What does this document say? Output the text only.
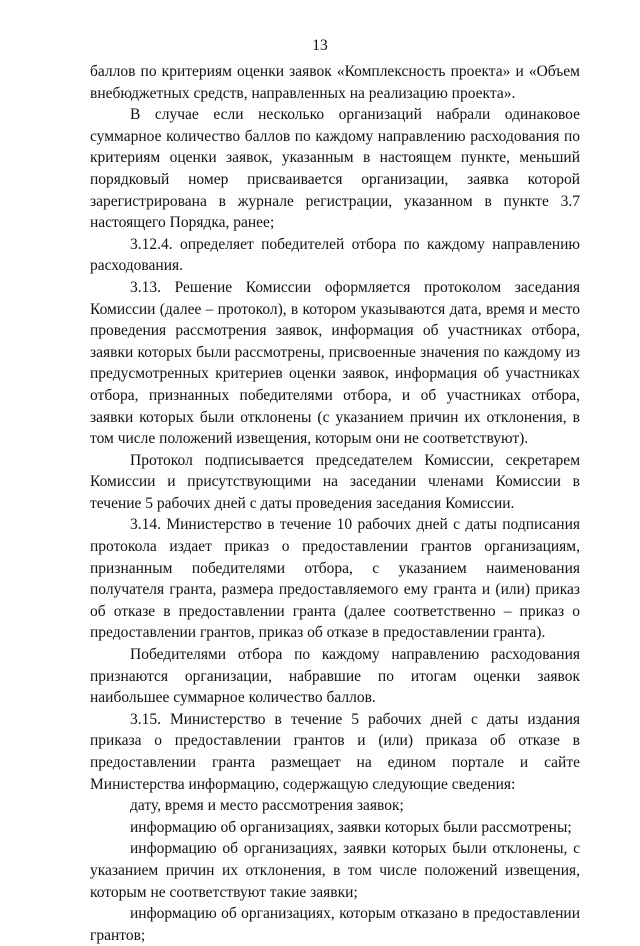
13

баллов по критериям оценки заявок «Комплексность проекта» и «Объем внебюджетных средств, направленных на реализацию проекта».

В случае если несколько организаций набрали одинаковое суммарное количество баллов по каждому направлению расходования по критериям оценки заявок, указанным в настоящем пункте, меньший порядковый номер присваивается организации, заявка которой зарегистрирована в журнале регистрации, указанном в пункте 3.7 настоящего Порядка, ранее;

3.12.4. определяет победителей отбора по каждому направлению расходования.

3.13. Решение Комиссии оформляется протоколом заседания Комиссии (далее – протокол), в котором указываются дата, время и место проведения рассмотрения заявок, информация об участниках отбора, заявки которых были рассмотрены, присвоенные значения по каждому из предусмотренных критериев оценки заявок, информация об участниках отбора, признанных победителями отбора, и об участниках отбора, заявки которых были отклонены (с указанием причин их отклонения, в том числе положений извещения, которым они не соответствуют).

Протокол подписывается председателем Комиссии, секретарем Комиссии и присутствующими на заседании членами Комиссии в течение 5 рабочих дней с даты проведения заседания Комиссии.

3.14. Министерство в течение 10 рабочих дней с даты подписания протокола издает приказ о предоставлении грантов организациям, признанным победителями отбора, с указанием наименования получателя гранта, размера предоставляемого ему гранта и (или) приказ об отказе в предоставлении гранта (далее соответственно – приказ о предоставлении грантов, приказ об отказе в предоставлении гранта).

Победителями отбора по каждому направлению расходования признаются организации, набравшие по итогам оценки заявок наибольшее суммарное количество баллов.

3.15. Министерство в течение 5 рабочих дней с даты издания приказа о предоставлении грантов и (или) приказа об отказе в предоставлении гранта размещает на едином портале и сайте Министерства информацию, содержащую следующие сведения:

дату, время и место рассмотрения заявок;

информацию об организациях, заявки которых были рассмотрены;

информацию об организациях, заявки которых были отклонены, с указанием причин их отклонения, в том числе положений извещения, которым не соответствуют такие заявки;

информацию об организациях, которым отказано в предоставлении грантов;
